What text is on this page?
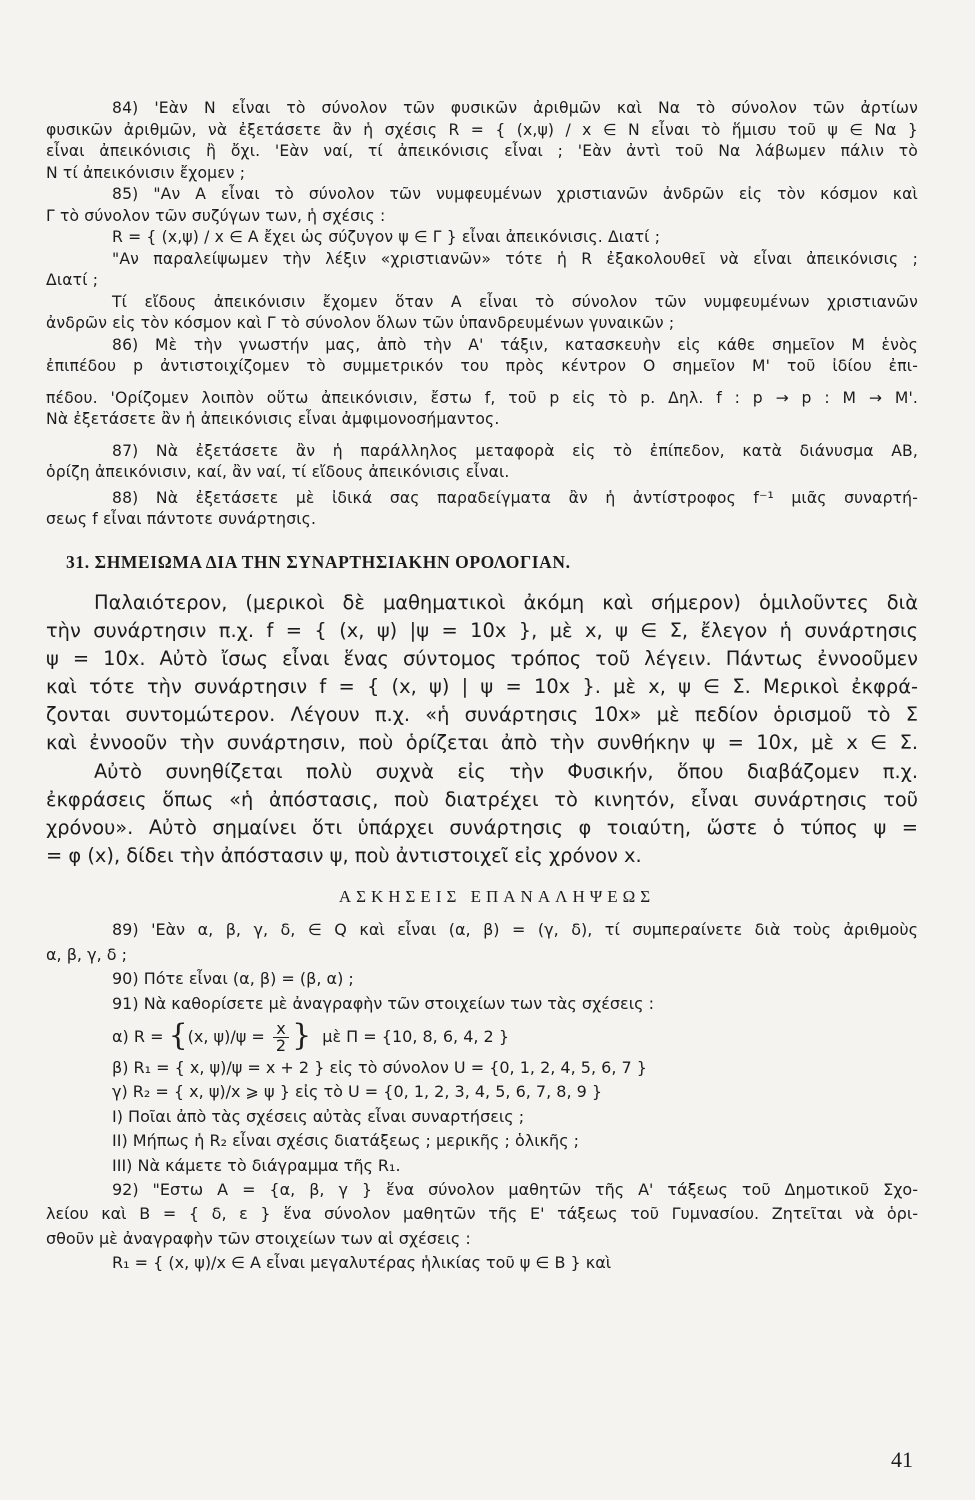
84) 'Εὰν Ν εἶναι τὸ σύνολον τῶν φυσικῶν ἀριθμῶν καὶ Να τὸ σύνολον τῶν ἀρτίων
φυσικῶν ἀριθμῶν, νὰ ἐξετάσετε ἂν ἡ σχέσις R = { (x,ψ) / x ∈ N εἶναι τὸ ἥμισυ τοῦ ψ ∈ Να }
εἶναι ἀπεικόνισις ἢ ὄχι. 'Εὰν ναί, τί ἀπεικόνισις εἶναι ; 'Εὰν ἀντὶ τοῦ Να λάβωμεν πάλιν τὸ
Ν τί ἀπεικόνισιν ἔχομεν ;
85) "Αν Α εἶναι τὸ σύνολον τῶν νυμφευμένων χριστιανῶν ἀνδρῶν εἰς τὸν κόσμον καὶ
Γ τὸ σύνολον τῶν συζύγων των, ἡ σχέσις :
R = { (x,ψ) / x ∈ A ἔχει ὡς σύζυγον ψ ∈ Γ } εἶναι ἀπεικόνισις. Διατί ;
"Αν παραλείψωμεν τὴν λέξιν «χριστιανῶν» τότε ἡ R ἐξακολουθεῖ νὰ εἶναι ἀπεικόνισις ;
Διατί ;
Τί εἴδους ἀπεικόνισιν ἔχομεν ὅταν Α εἶναι τὸ σύνολον τῶν νυμφευμένων χριστιανῶν
ἀνδρῶν εἰς τὸν κόσμον καὶ Γ τὸ σύνολον ὅλων τῶν ὑπανδρευμένων γυναικῶν ;
86) Μὲ τὴν γνωστήν μας, ἀπὸ τὴν Α' τάξιν, κατασκευὴν εἰς κάθε σημεῖον Μ ἑνὸς
ἐπιπέδου p ἀντιστοιχίζομεν τὸ συμμετρικόν του πρὸς κέντρον Ο σημεῖον Μ' τοῦ ἰδίου ἐπι-
πέδου. 'Ορίζομεν λοιπὸν οὕτω ἀπεικόνισιν, ἔστω f, τοῦ p εἰς τὸ p. Δηλ. f : p → p : M → M'.
Νὰ ἐξετάσετε ἂν ἡ ἀπεικόνισις εἶναι ἀμφιμονοσήμαντος.
87) Νὰ ἐξετάσετε ἂν ἡ παράλληλος μεταφορὰ εἰς τὸ ἐπίπεδον, κατὰ διάνυσμα AB,
ὁρίζη ἀπεικόνισιν, καί, ἂν ναί, τί εἴδους ἀπεικόνισις εἶναι.
88) Νὰ ἐξετάσετε μὲ ἰδικά σας παραδείγματα ἂν ἡ ἀντίστροφος f⁻¹ μιᾶς συναρτή-
σεως f εἶναι πάντοτε συνάρτησις.
31. ΣΗΜΕΙΩΜΑ ΔΙΑ ΤΗΝ ΣΥΝΑΡΤΗΣΙΑΚΗΝ ΟΡΟΛΟΓΙΑΝ.
Παλαιότερον, (μερικοὶ δὲ μαθηματικοὶ ἀκόμη καὶ σήμερον) ὁμιλοῦντες διὰ
τὴν συνάρτησιν π.χ. f = { (x, ψ) |ψ = 10x }, μὲ x, ψ ∈ Σ, ἔλεγον ἡ συνάρτησις
ψ = 10x. Αὐτὸ ἴσως εἶναι ἕνας σύντομος τρόπος τοῦ λέγειν. Πάντως ἐννοοῦμεν
καὶ τότε τὴν συνάρτησιν f = { (x, ψ) | ψ = 10x }. μὲ x, ψ ∈ Σ. Μερικοὶ ἐκφρά-
ζονται συντομώτερον. Λέγουν π.χ. «ἡ συνάρτησις 10x» μὲ πεδίον ὁρισμοῦ τὸ Σ
καὶ ἐννοοῦν τὴν συνάρτησιν, ποὺ ὁρίζεται ἀπὸ τὴν συνθήκην ψ = 10x, μὲ x ∈ Σ.
Αὐτὸ συνηθίζεται πολὺ συχνὰ εἰς τὴν Φυσικήν, ὅπου διαβάζομεν π.χ.
ἐκφράσεις ὅπως «ἡ ἀπόστασις, ποὺ διατρέχει τὸ κινητόν, εἶναι συνάρτησις τοῦ
χρόνου». Αὐτὸ σημαίνει ὅτι ὑπάρχει συνάρτησις φ τοιαύτη, ὥστε ὁ τύπος ψ =
= φ (x), δίδει τὴν ἀπόστασιν ψ, ποὺ ἀντιστοιχεῖ εἰς χρόνον x.
ΑΣΚΗΣΕΙΣ ΕΠΑΝΑΛΗΨΕΩΣ
89) 'Εὰν α, β, γ, δ, ∈ Q καὶ εἶναι (α, β) = (γ, δ), τί συμπεραίνετε διὰ τοὺς ἀριθμοὺς
α, β, γ, δ ;
90) Πότε εἶναι (α, β) = (β, α) ;
91) Νὰ καθορίσετε μὲ ἀναγραφὴν τῶν στοιχείων των τὰς σχέσεις :
α) R = {(x, $\psi)/\psi = \frac{x}{2}$ } μὲ Π = {10, 8, 6, 4, 2 }
β) R₁ = { x, ψ)/ψ = x + 2 } εἰς τὸ σύνολον U = {0, 1, 2, 4, 5, 6, 7 }
γ) R₂ = { x, ψ)/x ⩾ ψ } εἰς τὸ U = {0, 1, 2, 3, 4, 5, 6, 7, 8, 9 }
Ι) Ποῖαι ἀπὸ τὰς σχέσεις αὐτὰς εἶναι συναρτήσεις ;
ΙΙ) Μήπως ἡ R₂ εἶναι σχέσις διατάξεως ; μερικῆς ; ὁλικῆς ;
ΙΙΙ) Νὰ κάμετε τὸ διάγραμμα τῆς R₁.
92) "Εστω Α = {α, β, γ } ἕνα σύνολον μαθητῶν τῆς Α' τάξεως τοῦ Δημοτικοῦ Σχο-
λείου καὶ Β = { δ, ε } ἕνα σύνολον μαθητῶν τῆς Ε' τάξεως τοῦ Γυμνασίου. Ζητεῖται νὰ ὁρι-
σθοῦν μὲ ἀναγραφὴν τῶν στοιχείων των αἱ σχέσεις :
R₁ = { (x, ψ)/x ∈ A εἶναι μεγαλυτέρας ἡλικίας τοῦ ψ ∈ B } καὶ
41
